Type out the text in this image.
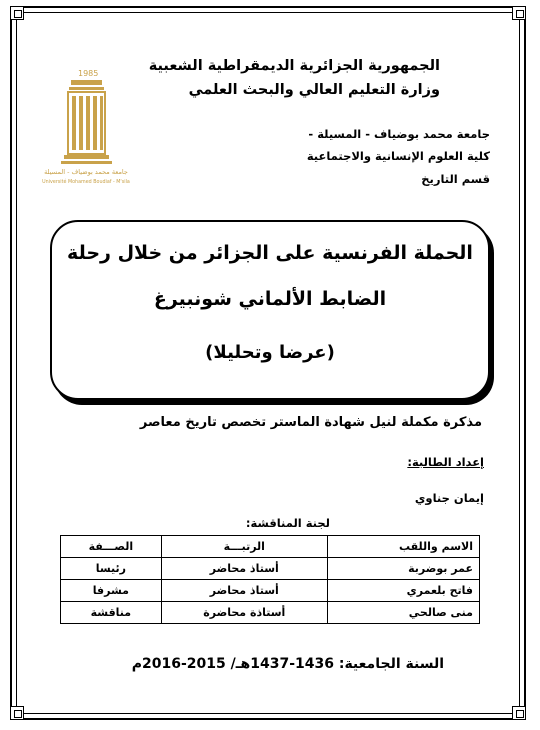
الجمهورية الجزائرية الديمقراطية الشعبية
وزارة التعليم العالي والبحث العلمي
1985
جامعة محمد بوضياف - المسيلة
Université Mohamed Boudiaf - M'sila
جامعة محمد بوضياف - المسيلة -
كلية العلوم الإنسانية والاجتماعية
قسم التاريخ
الحملة الفرنسية على الجزائر من خلال رحلة
الضابط الألماني شونبيرغ
(عرضا وتحليلا)
مذكرة مكملة لنيل شهادة الماستر تخصص تاريخ معاصر
إعداد الطالبة:
إيمان جناوي
لجنة المناقشة:
الاسم واللقب	الرتبـــة	الصـــفة
عمر بوضربة	أستاذ محاضر	رئيسا
فاتح بلعمري	أستاذ محاضر	مشرفا
منى صالحي	أستاذة محاضرة	مناقشة
السنة الجامعية: 1436-1437هـ/ 2015-2016م
